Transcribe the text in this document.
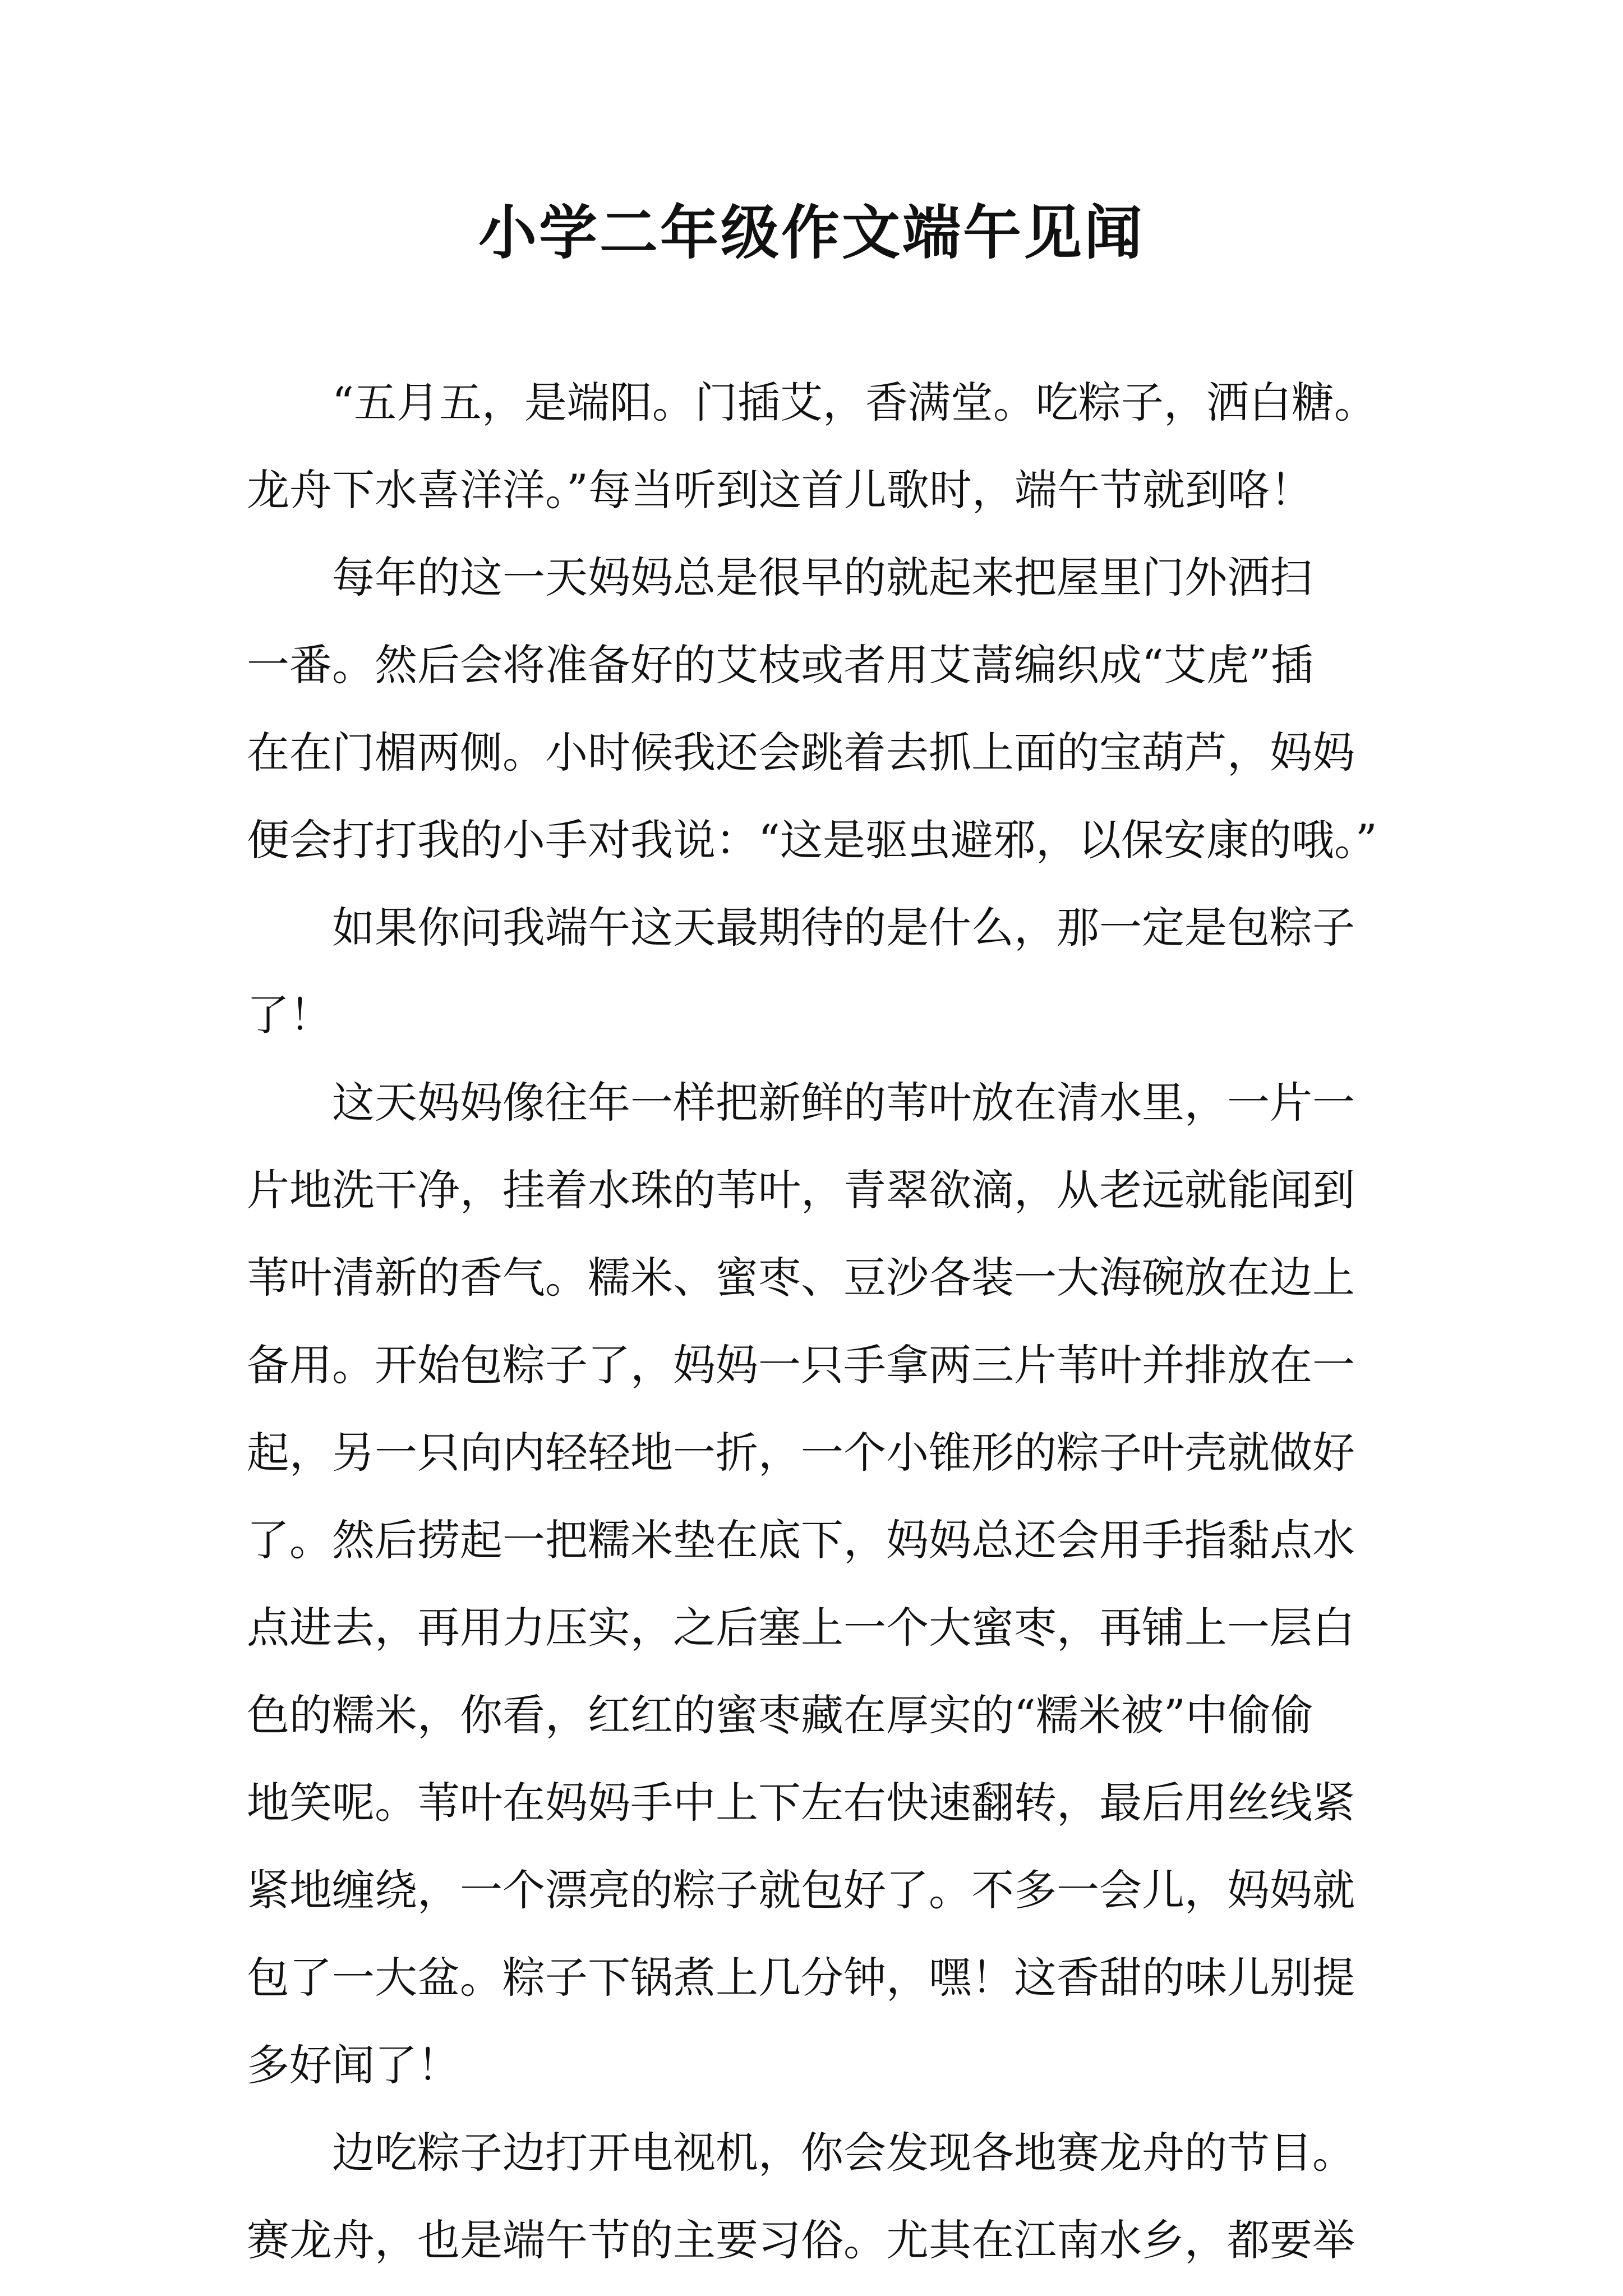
小学二年级作文端午见闻
“五月五，是端阳。门插艾，香满堂。吃粽子，洒白糖。
龙舟下水喜洋洋。”每当听到这首儿歌时，端午节就到咯！
每年的这一天妈妈总是很早的就起来把屋里门外洒扫
一番。然后会将准备好的艾枝或者用艾蒿编织成“艾虎”插
在在门楣两侧。小时候我还会跳着去抓上面的宝葫芦，妈妈
便会打打我的小手对我说：“这是驱虫避邪，以保安康的哦。”
如果你问我端午这天最期待的是什么，那一定是包粽子
了！
这天妈妈像往年一样把新鲜的苇叶放在清水里，一片一
片地洗干净，挂着水珠的苇叶，青翠欲滴，从老远就能闻到
苇叶清新的香气。糯米、蜜枣、豆沙各装一大海碗放在边上
备用。开始包粽子了，妈妈一只手拿两三片苇叶并排放在一
起，另一只向内轻轻地一折，一个小锥形的粽子叶壳就做好
了。然后捞起一把糯米垫在底下，妈妈总还会用手指黏点水
点进去，再用力压实，之后塞上一个大蜜枣，再铺上一层白
色的糯米，你看，红红的蜜枣藏在厚实的“糯米被”中偷偷
地笑呢。苇叶在妈妈手中上下左右快速翻转，最后用丝线紧
紧地缠绕，一个漂亮的粽子就包好了。不多一会儿，妈妈就
包了一大盆。粽子下锅煮上几分钟，嘿！这香甜的味儿别提
多好闻了！
边吃粽子边打开电视机，你会发现各地赛龙舟的节目。
赛龙舟，也是端午节的主要习俗。尤其在江南水乡，都要举
